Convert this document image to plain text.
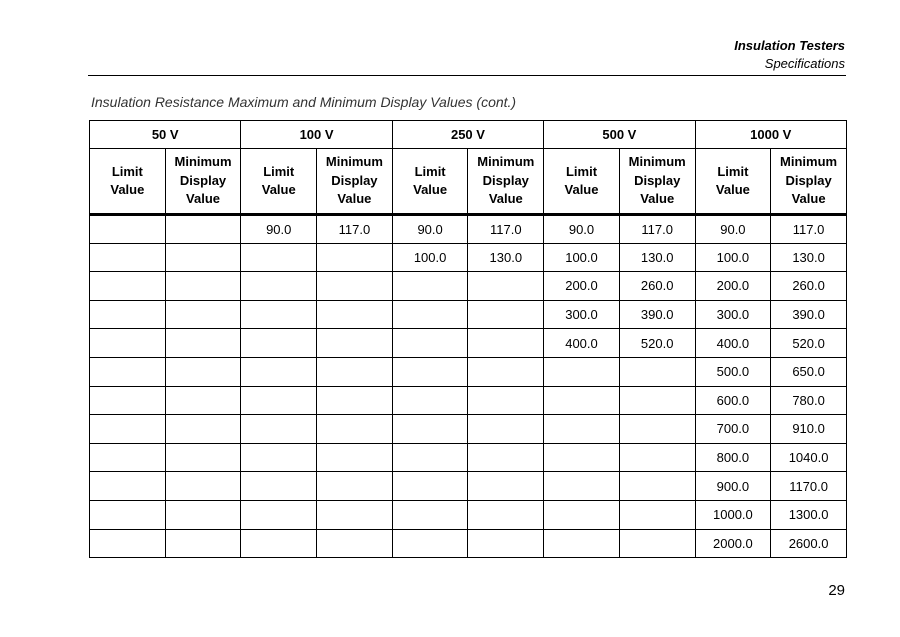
Insulation Testers
Specifications
Insulation Resistance Maximum and Minimum Display Values (cont.)
50 V		100 V		250 V		500 V		1000 V	

Limit
Value	Minimum
Display
Value	Limit
Value	Minimum
Display
Value	Limit
Value	Minimum
Display
Value	Limit
Value	Minimum
Display
Value	Limit
Value	Minimum
Display
Value

		90.0	117.0	90.0	117.0	90.0	117.0	90.0	117.0
				100.0	130.0	100.0	130.0	100.0	130.0
						200.0	260.0	200.0	260.0
						300.0	390.0	300.0	390.0
						400.0	520.0	400.0	520.0
								500.0	650.0
								600.0	780.0
								700.0	910.0
								800.0	1040.0
								900.0	1170.0
								1000.0	1300.0
								2000.0	2600.0
29
